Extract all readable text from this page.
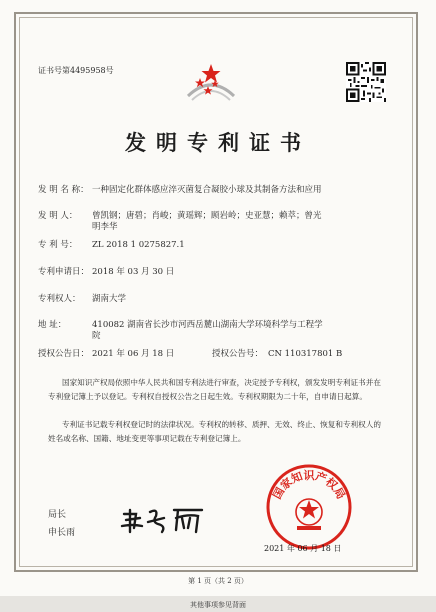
证书号第4495958号
发明专利证书
发 明 名 称： 一种固定化群体感应淬灭菌复合凝胶小球及其制备方法和应用
发 明 人： 曾凯钢；唐碧；肖峻；黄瑶辉；顾岩岭；史亚慧；赖萃；曾光明李华
专 利 号： ZL 2018 1 0275827.1
专利申请日： 2018 年 03 月 30 日
专利权人： 湖南大学
地 址：	410082 湖南省长沙市河西岳麓山湖南大学环境科学与工程学院
授权公告日： 2021 年 06 月 18 日	授权公告号： CN 110317801 B
国家知识产权局依照中华人民共和国专利法进行审查，决定授予专利权，颁发发明专利证书并在专利登记簿上予以登记。专利权自授权公告之日起生效。专利权期限为二十年，自申请日起算。
专利证书记载专利权登记时的法律状况。专利权的转移、质押、无效、终止、恢复和专利权人的姓名或名称、国籍、地址变更等事项记载在专利登记簿上。
局长
申长雨
国家知识产权局
2021 年 06 月 18 日
第 1 页（共 2 页）
其他事项参见背面
